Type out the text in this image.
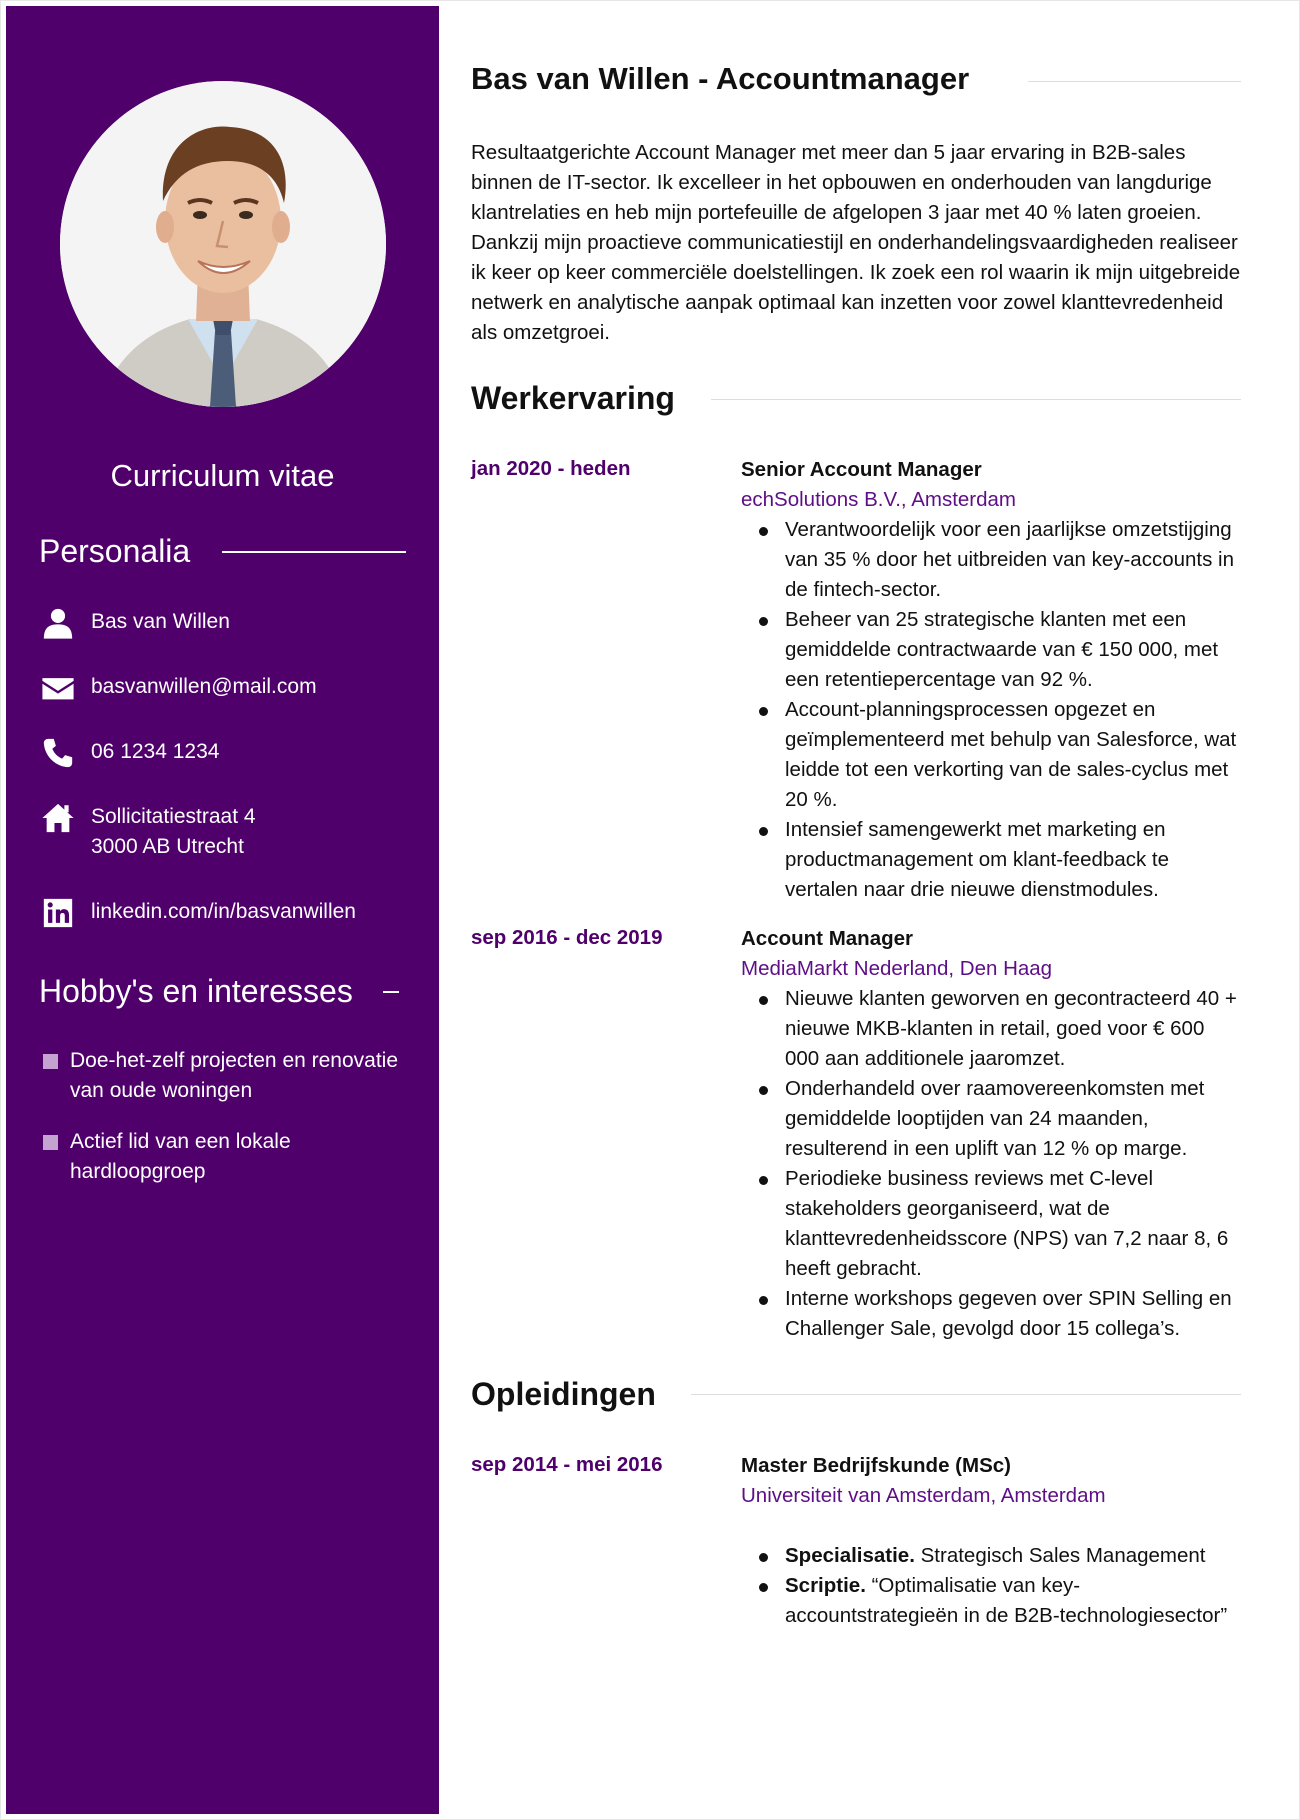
Curriculum vitae
Personalia
Bas van Willen
basvanwillen@mail.com
06 1234 1234
Sollicitatiestraat 4
3000 AB Utrecht
linkedin.com/in/basvanwillen
Hobby's en interesses
Doe-het-zelf projecten en renovatie van oude woningen
Actief lid van een lokale hardloopgroep
Bas van Willen - Accountmanager

Resultaatgerichte Account Manager met meer dan 5 jaar ervaring in B2B-sales binnen de IT-sector. Ik excelleer in het opbouwen en onderhouden van langdurige klantrelaties en heb mijn portefeuille de afgelopen 3 jaar met 40 % laten groeien. Dankzij mijn proactieve communicatiestijl en onderhandelingsvaardigheden realiseer ik keer op keer commerciële doelstellingen. Ik zoek een rol waarin ik mijn uitgebreide netwerk en analytische aanpak optimaal kan inzetten voor zowel klanttevredenheid als omzetgroei.

Werkervaring
jan 2020 - heden	Senior Account Manager
echSolutions B.V., Amsterdam
Verantwoordelijk voor een jaarlijkse omzetstijging van 35 % door het uitbreiden van key-accounts in de fintech-sector.
Beheer van 25 strategische klanten met een gemiddelde contractwaarde van € 150 000, met een retentiepercentage van 92 %.
Account-planningsprocessen opgezet en geïmplementeerd met behulp van Salesforce, wat leidde tot een verkorting van de sales-cyclus met 20 %.
Intensief samengewerkt met marketing en productmanagement om klant-feedback te vertalen naar drie nieuwe dienstmodules.
sep 2016 - dec 2019	Account Manager
MediaMarkt Nederland, Den Haag
Nieuwe klanten geworven en gecontracteerd 40 + nieuwe MKB-klanten in retail, goed voor € 600 000 aan additionele jaaromzet.
Onderhandeld over raamovereenkomsten met gemiddelde looptijden van 24 maanden, resulterend in een uplift van 12 % op marge.
Periodieke business reviews met C-level stakeholders georganiseerd, wat de klanttevredenheidsscore (NPS) van 7,2 naar 8, 6 heeft gebracht.
Interne workshops gegeven over SPIN Selling en Challenger Sale, gevolgd door 15 collega’s.
Opleidingen
sep 2014 - mei 2016	Master Bedrijfskunde (MSc)
Universiteit van Amsterdam, Amsterdam
Specialisatie. Strategisch Sales Management
Scriptie. “Optimalisatie van key-accountstrategieën in de B2B-technologiesector”
